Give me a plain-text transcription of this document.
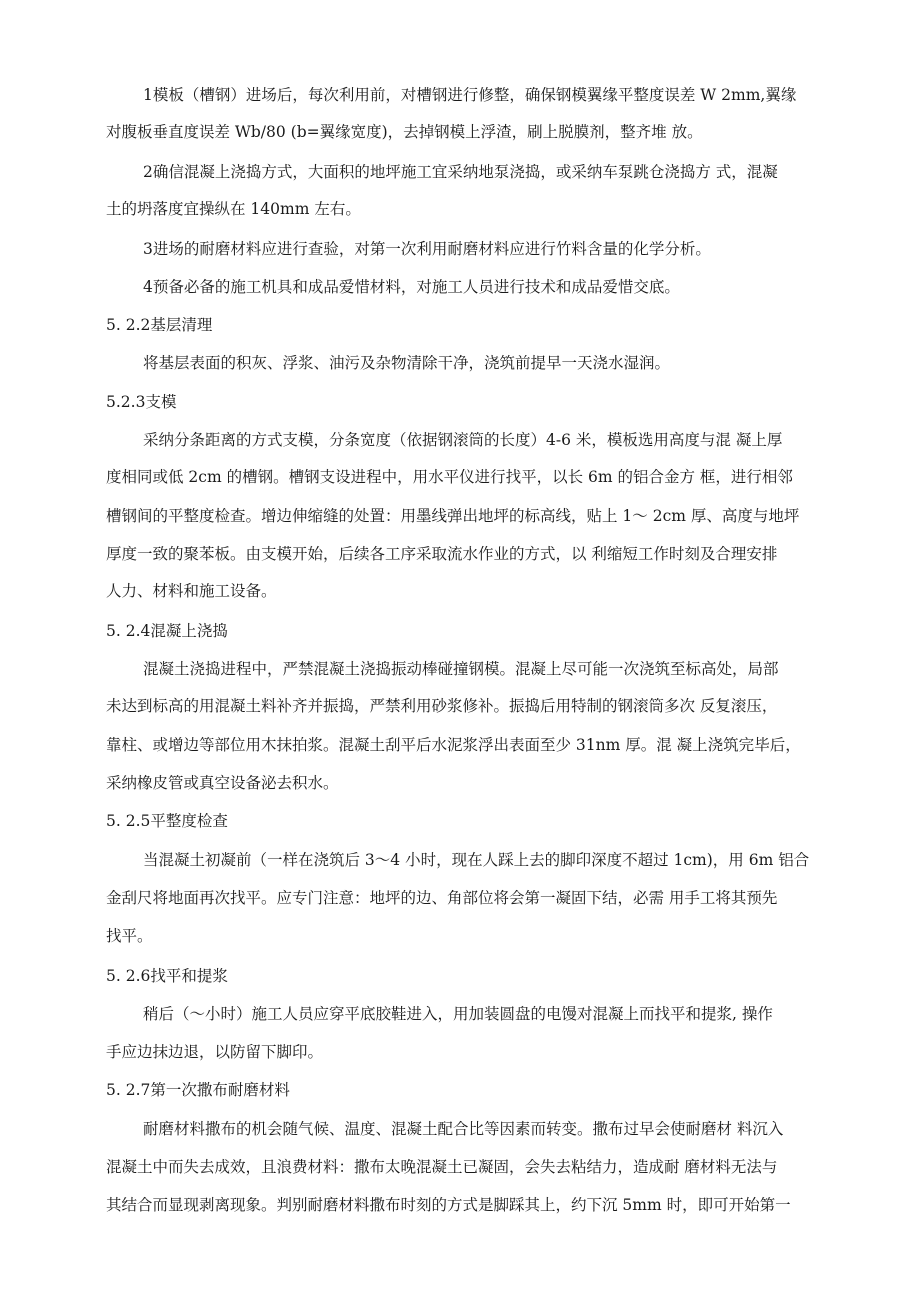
1模板（槽钢）进场后，每次利用前，对槽钢进行修整，确保钢模翼缘平整度误差 W 2mm,翼缘
对腹板垂直度误差 Wb/80 (b=翼缘宽度)，去掉钢模上浮渣，刷上脱膜剂，整齐堆 放。
2确信混凝上浇捣方式，大面积的地坪施工宜采纳地泵浇捣，或采纳车泵跳仓浇捣方 式，混凝
土的坍落度宜操纵在 140mm 左右。
3进场的耐磨材料应进行查验，对第一次利用耐磨材料应进行竹料含量的化学分析。
4预备必备的施工机具和成品爱惜材料，对施工人员进行技术和成品爱惜交底。
5. 2.2基层清理
将基层表面的积灰、浮浆、油污及杂物清除干净，浇筑前提早一天浇水湿润。
5.2.3支模
采纳分条距离的方式支模，分条宽度（依据钢滚筒的长度）4-6 米，模板选用高度与混 凝上厚
度相同或低 2cm 的槽钢。槽钢支设进程中，用水平仪进行找平，以长 6m 的铝合金方 框，进行相邻
槽钢间的平整度检查。增边伸缩缝的处置：用墨线弹出地坪的标高线，贴上 1～ 2cm 厚、高度与地坪
厚度一致的聚苯板。由支模开始，后续各工序采取流水作业的方式，以 利缩短工作时刻及合理安排
人力、材料和施工设备。
5. 2.4混凝上浇捣
混凝土浇捣进程中，严禁混凝土浇捣振动棒碰撞钢模。混凝上尽可能一次浇筑至标高处，局部
未达到标高的用混凝土料补齐并振捣，严禁利用砂浆修补。振捣后用特制的钢滚筒多次 反复滚压，
靠柱、或增边等部位用木抹拍浆。混凝土刮平后水泥浆浮出表面至少 31nm 厚。混 凝上浇筑完毕后，
采纳橡皮管或真空设备泌去积水。
5. 2.5平整度检查
当混凝土初凝前（一样在浇筑后 3～4 小时，现在人踩上去的脚印深度不超过 1cm)，用 6m 铝合
金刮尺将地面再次找平。应专门注意：地坪的边、角部位将会第一凝固下结，必需 用手工将其预先
找平。
5. 2.6找平和提浆
稍后（～小时）施工人员应穿平底胶鞋进入，用加装圆盘的电馒对混凝上而找平和提浆, 操作
手应边抹边退，以防留下脚印。
5. 2.7第一次撒布耐磨材料
耐磨材料撒布的机会随气候、温度、混凝土配合比等因素而转变。撒布过早会使耐磨材 料沉入
混凝土中而失去成效，且浪费材料：撒布太晚混凝土已凝固，会失去粘结力，造成耐 磨材料无法与
其结合而显现剥离现象。判别耐磨材料撒布时刻的方式是脚踩其上，约下沉 5mm 时，即可开始第一
